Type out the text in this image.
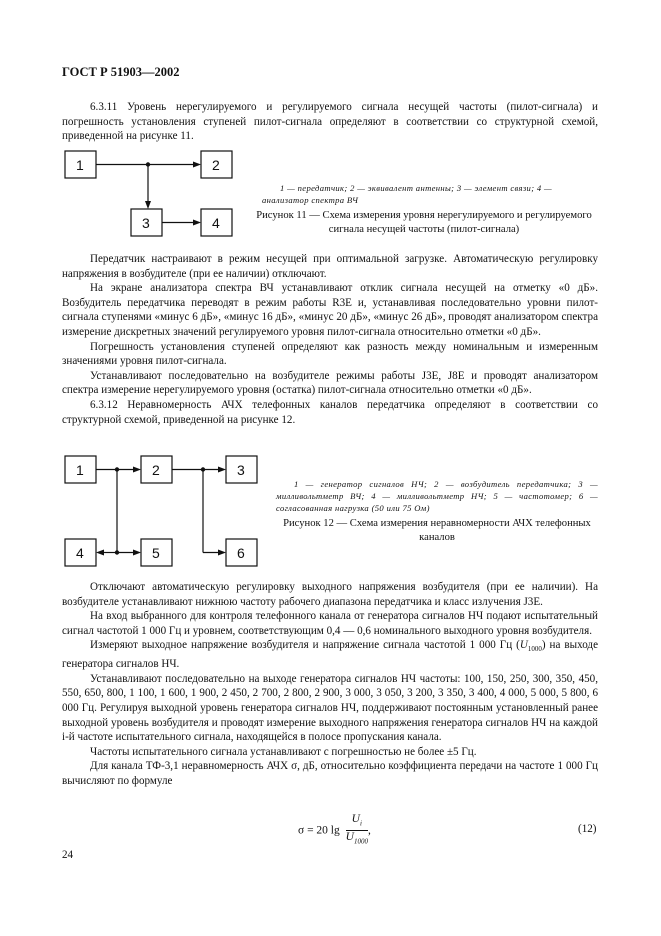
ГОСТ Р 51903—2002
6.3.11 Уровень нерегулируемого и регулируемого сигнала несущей частоты (пилот-сигнала) и погрешность установления ступеней пилот-сигнала определяют в соответствии со структурной схемой, приведенной на рисунке 11.
1	2
3	4
1 — передатчик; 2 — эквивалент антенны; 3 — элемент связи; 4 — анализатор спектра ВЧ
Рисунок 11 — Схема измерения уровня нерегулируемого и регулируемого сигнала несущей частоты (пилот-сигнала)
Передатчик настраивают в режим несущей при оптимальной загрузке. Автоматическую регулировку напряжения в возбудителе (при ее наличии) отключают.
На экране анализатора спектра ВЧ устанавливают отклик сигнала несущей на отметку «0 дБ». Возбудитель передатчика переводят в режим работы R3E и, устанавливая последовательно уровни пилот-сигнала ступенями «минус 6 дБ», «минус 16 дБ», «минус 20 дБ», «минус 26 дБ», проводят анализатором спектра измерение дискретных значений регулируемого уровня пилот-сигнала относительно отметки «0 дБ».
Погрешность установления ступеней определяют как разность между номинальным и измеренным значениями уровня пилот-сигнала.
Устанавливают последовательно на возбудителе режимы работы J3E, J8E и проводят анализатором спектра измерение нерегулируемого уровня (остатка) пилот-сигнала относительно отметки «0 дБ».
6.3.12 Неравномерность АЧХ телефонных каналов передатчика определяют в соответствии со структурной схемой, приведенной на рисунке 12.
1	2	3
4	5	6
1 — генератор сигналов НЧ; 2 — возбудитель передатчика; 3 — милливольтметр ВЧ; 4 — милливольтметр НЧ; 5 — частотомер; 6 — согласованная нагрузка (50 или 75 Ом)
Рисунок 12 — Схема измерения неравномерности АЧХ телефонных каналов
Отключают автоматическую регулировку выходного напряжения возбудителя (при ее наличии). На возбудителе устанавливают нижнюю частоту рабочего диапазона передатчика и класс излучения J3E.
На вход выбранного для контроля телефонного канала от генератора сигналов НЧ подают испытательный сигнал частотой 1 000 Гц и уровнем, соответствующим 0,4 — 0,6 номинального выходного уровня возбудителя.
Измеряют выходное напряжение возбудителя и напряжение сигнала частотой 1 000 Гц $(U_{1000})$ на выходе генератора сигналов НЧ.
Устанавливают последовательно на выходе генератора сигналов НЧ частоты: 100, 150, 250, 300, 350, 450, 550, 650, 800, 1 100, 1 600, 1 900, 2 450, 2 700, 2 800, 2 900, 3 000, 3 050, 3 200, 3 350, 3 400, 4 000, 5 000, 5 800, 6 000 Гц. Регулируя выходной уровень генератора сигналов НЧ, поддерживают постоянным установленный ранее выходной уровень возбудителя и проводят измерение выходного напряжения генератора сигналов НЧ на каждой i-й частоте испытательного сигнала, находящейся в полосе пропускания канала.
Частоты испытательного сигнала устанавливают с погрешностью не более ±5 Гц.
Для канала ТФ-3,1 неравномерность АЧХ σ, дБ, относительно коэффициента передачи на частоте 1 000 Гц вычисляют по формуле
σ = 20 $\lg \frac{U_i}{U_{1000}}$ ,	(12)
24
